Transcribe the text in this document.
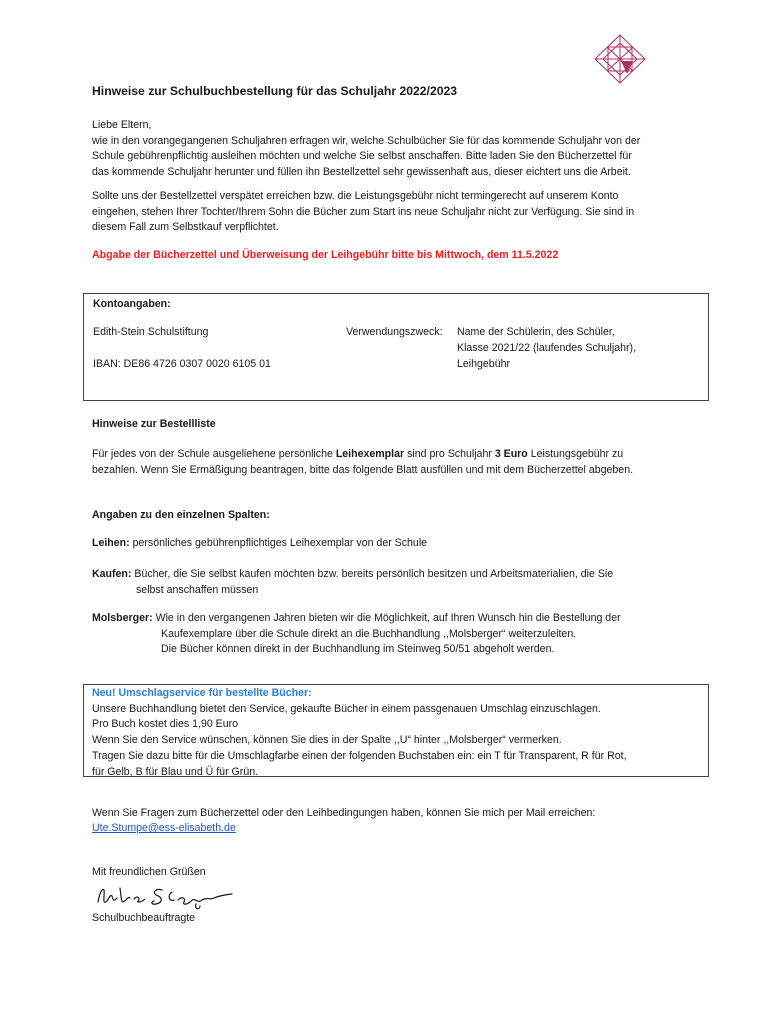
Hinweise zur Schulbuchbestellung für das Schuljahr 2022/2023

Liebe Eltern,

wie in den vorangegangenen Schuljahren erfragen wir, welche Schulbücher Sie für das kommende Schuljahr von der

Schule gebührenpflichtig ausleihen möchten und welche Sie selbst anschaffen. Bitte laden Sie den Bücherzettel für

das kommende Schuljahr herunter und füllen ihn Bestellzettel sehr gewissenhaft aus, dieser eichtert uns die Arbeit.

Sollte uns der Bestellzettel verspätet erreichen bzw. die Leistungsgebühr nicht termingerecht auf unserem Konto

eingehen, stehen Ihrer Tochter/Ihrem Sohn die Bücher zum Start ins neue Schuljahr nicht zur Verfügung. Sie sind in

diesem Fall zum Selbstkauf verpflichtet.

Abgabe der Bücherzettel und Überweisung der Leihgebühr bitte bis Mittwoch, dem 11.5.2022
Kontoangaben:
Edith-Stein Schulstiftung
IBAN: DE86 4726 0307 0020 6105 01
Verwendungszweck: Name der Schülerin, des Schüler,
Klasse 2021/22 (laufendes Schuljahr),
Leihgebühr
Hinweise zur Bestellliste

Für jedes von der Schule ausgeliehene persönliche Leihexemplar sind pro Schuljahr 3 Euro Leistungsgebühr zu

bezahlen. Wenn Sie Ermäßigung beantragen, bitte das folgende Blatt ausfüllen und mit dem Bücherzettel abgeben.

Angaben zu den einzelnen Spalten:
Leihen: persönliches gebührenpflichtiges Leihexemplar von der Schule
Kaufen: Bücher, die Sie selbst kaufen möchten bzw. bereits persönlich besitzen und Arbeitsmaterialien, die Sie
selbst anschaffen müssen
Molsberger: Wie in den vergangenen Jahren bieten wir die Möglichkeit, auf Ihren Wunsch hin die Bestellung der
Kaufexemplare über die Schule direkt an die Buchhandlung ,,Molsberger“ weiterzuleiten.
Die Bücher können direkt in der Buchhandlung im Steinweg 50/51 abgeholt werden.
Neu! Umschlagservice für bestellte Bücher:
Unsere Buchhandlung bietet den Service, gekaufte Bücher in einem passgenauen Umschlag einzuschlagen.
Pro Buch kostet dies 1,90 Euro
Wenn Sie den Service wünschen, können Sie dies in der Spalte ,,U“ hinter ,,Molsberger“ vermerken.
Tragen Sie dazu bitte für die Umschlagfarbe einen der folgenden Buchstaben ein: ein T für Transparent, R für Rot,
für Gelb, B für Blau und Ü für Grün.
Wenn Sie Fragen zum Bücherzettel oder den Leihbedingungen haben, können Sie mich per Mail erreichen:
Ute.Stumpe@ess-elisabeth.de
Mit freundlichen Grüßen
Schulbuchbeauftragte
